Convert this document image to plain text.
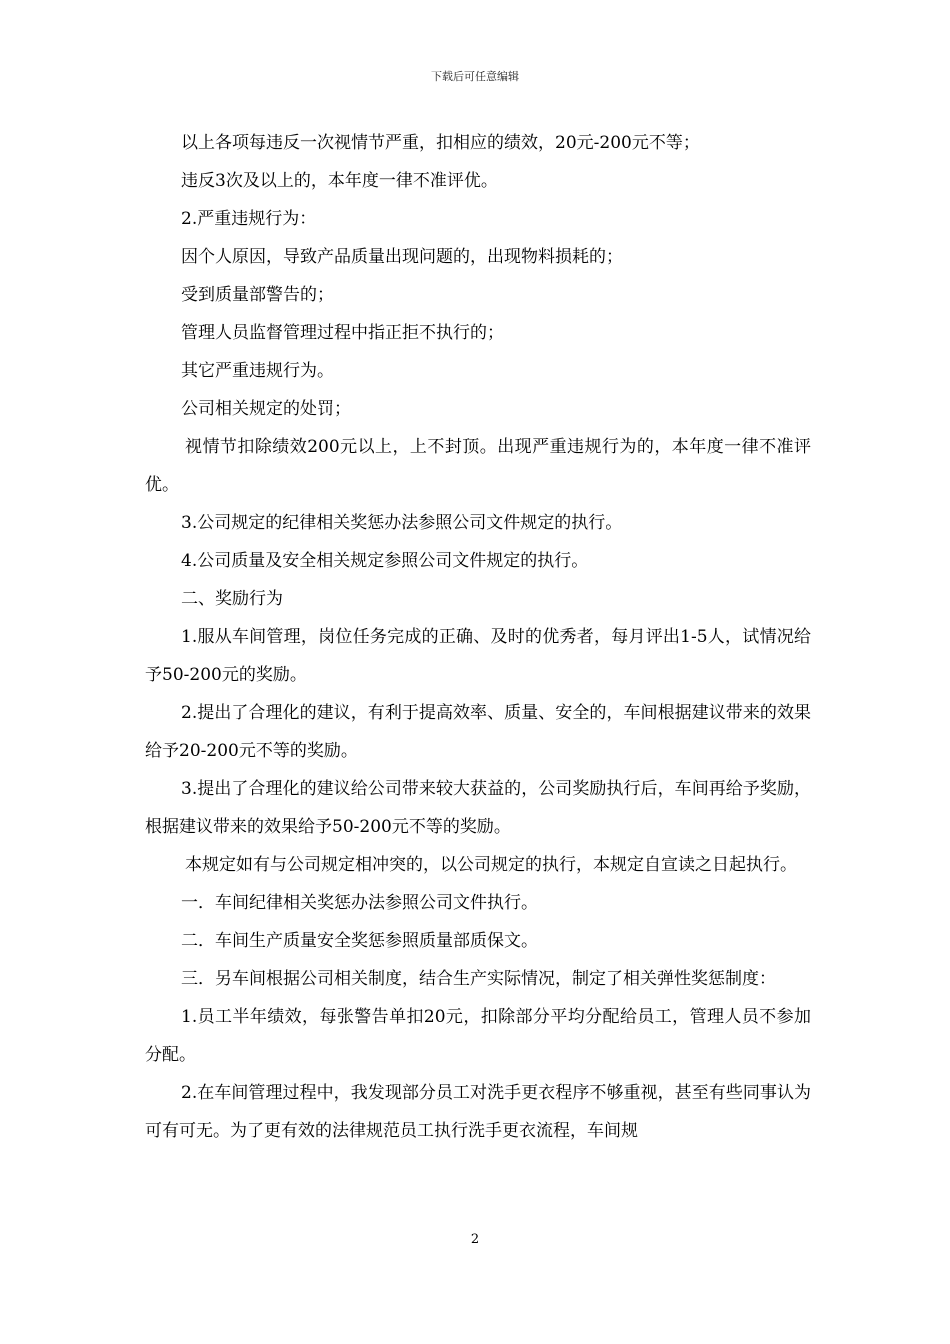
下载后可任意编辑

以上各项每违反一次视情节严重，扣相应的绩效，20元-200元不等；

违反3次及以上的，本年度一律不准评优。

2.严重违规行为：

因个人原因，导致产品质量出现问题的，出现物料损耗的；

受到质量部警告的；

管理人员监督管理过程中指正拒不执行的；

其它严重违规行为。

公司相关规定的处罚；

视情节扣除绩效200元以上，上不封顶。出现严重违规行为的，本年度一律不准评优。

3.公司规定的纪律相关奖惩办法参照公司文件规定的执行。

4.公司质量及安全相关规定参照公司文件规定的执行。

二、奖励行为

1.服从车间管理，岗位任务完成的正确、及时的优秀者，每月评出1-5人，试情况给予50-200元的奖励。

2.提出了合理化的建议，有利于提高效率、质量、安全的，车间根据建议带来的效果给予20-200元不等的奖励。

3.提出了合理化的建议给公司带来较大获益的，公司奖励执行后，车间再给予奖励，根据建议带来的效果给予50-200元不等的奖励。

本规定如有与公司规定相冲突的，以公司规定的执行，本规定自宣读之日起执行。

一．车间纪律相关奖惩办法参照公司文件执行。

二．车间生产质量安全奖惩参照质量部质保文。

三．另车间根据公司相关制度，结合生产实际情况，制定了相关弹性奖惩制度：

1.员工半年绩效，每张警告单扣20元，扣除部分平均分配给员工，管理人员不参加分配。

2.在车间管理过程中，我发现部分员工对洗手更衣程序不够重视，甚至有些同事认为可有可无。为了更有效的法律规范员工执行洗手更衣流程，车间规

2
